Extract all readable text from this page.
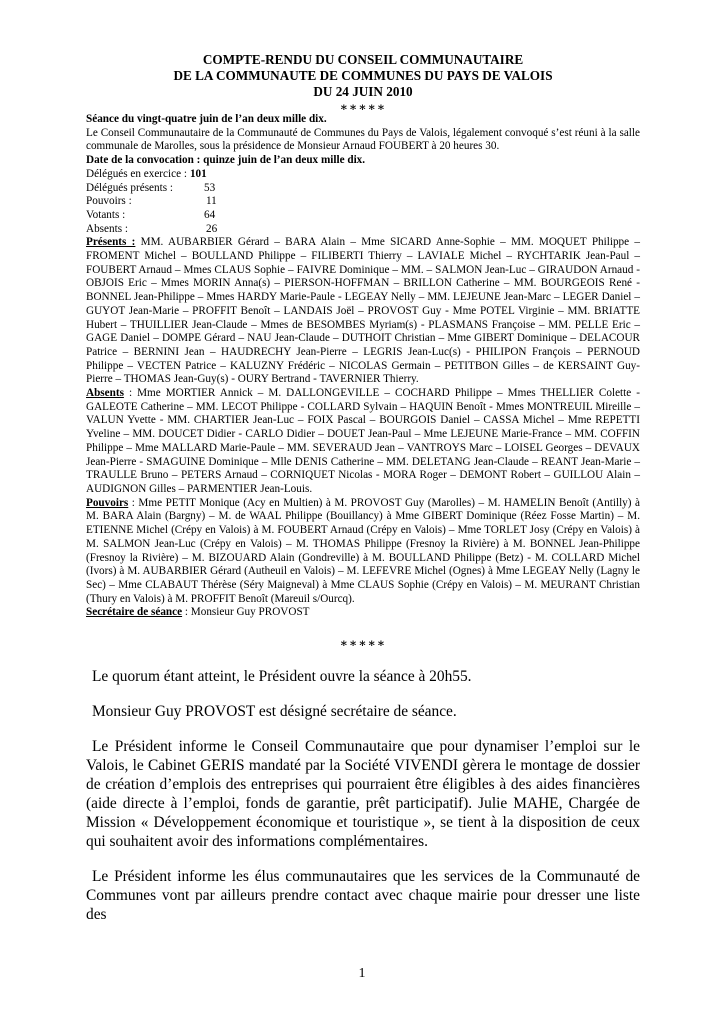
COMPTE-RENDU DU CONSEIL COMMUNAUTAIRE
DE LA COMMUNAUTE DE COMMUNES DU PAYS DE VALOIS
DU 24 JUIN 2010
∗∗∗∗∗
Séance du vingt-quatre juin de l’an deux mille dix.
Le Conseil Communautaire de la Communauté de Communes du Pays de Valois, légalement convoqué s’est réuni à la salle communale de Marolles, sous la présidence de Monsieur Arnaud FOUBERT à 20 heures 30.
Date de la convocation : quinze juin de l’an deux mille dix.
Délégués en exercice : 101
Délégués présents :	53
Pouvoirs :	11
Votants :	64
Absents :	26
Présents : MM. AUBARBIER Gérard – BARA Alain – Mme SICARD Anne-Sophie – MM. MOQUET Philippe – FROMENT Michel – BOULLAND Philippe – FILIBERTI Thierry – LAVIALE Michel – RYCHTARIK Jean-Paul – FOUBERT Arnaud – Mmes CLAUS Sophie – FAIVRE Dominique – MM. – SALMON Jean-Luc – GIRAUDON Arnaud - OBJOIS Eric – Mmes MORIN Anna(s) – PIERSON-HOFFMAN – BRILLON Catherine – MM. BOURGEOIS René - BONNEL Jean-Philippe – Mmes HARDY Marie-Paule - LEGEAY Nelly – MM. LEJEUNE Jean-Marc – LEGER Daniel – GUYOT Jean-Marie – PROFFIT Benoît – LANDAIS Joël – PROVOST Guy - Mme POTEL Virginie – MM. BRIATTE Hubert – THUILLIER Jean-Claude – Mmes de BESOMBES Myriam(s) - PLASMANS Françoise – MM. PELLE Eric – GAGE Daniel – DOMPE Gérard – NAU Jean-Claude – DUTHOIT Christian – Mme GIBERT Dominique – DELACOUR Patrice – BERNINI Jean – HAUDRECHY Jean-Pierre – LEGRIS Jean-Luc(s) - PHILIPON François – PERNOUD Philippe – VECTEN Patrice – KALUZNY Frédéric – NICOLAS Germain – PETITBON Gilles – de KERSAINT Guy-Pierre – THOMAS Jean-Guy(s) - OURY Bertrand - TAVERNIER Thierry.
Absents : Mme MORTIER Annick – M. DALLONGEVILLE – COCHARD Philippe – Mmes THELLIER Colette - GALEOTE Catherine – MM. LECOT Philippe - COLLARD Sylvain – HAQUIN Benoît - Mmes MONTREUIL Mireille – VALUN Yvette - MM. CHARTIER Jean-Luc – FOIX Pascal – BOURGOIS Daniel – CASSA Michel – Mme REPETTI Yveline – MM. DOUCET Didier - CARLO Didier – DOUET Jean-Paul – Mme LEJEUNE Marie-France – MM. COFFIN Philippe – Mme MALLARD Marie-Paule – MM. SEVERAUD Jean – VANTROYS Marc – LOISEL Georges – DEVAUX Jean-Pierre - SMAGUINE Dominique – Mlle DENIS Catherine – MM. DELETANG Jean-Claude – REANT Jean-Marie – TRAULLE Bruno – PETERS Arnaud – CORNIQUET Nicolas - MORA Roger – DEMONT Robert – GUILLOU Alain – AUDIGNON Gilles – PARMENTIER Jean-Louis.
Pouvoirs : Mme PETIT Monique (Acy en Multien) à M. PROVOST Guy (Marolles) – M. HAMELIN Benoît (Antilly) à M. BARA Alain (Bargny) – M. de WAAL Philippe (Bouillancy) à Mme GIBERT Dominique (Réez Fosse Martin) – M. ETIENNE Michel (Crépy en Valois) à M. FOUBERT Arnaud (Crépy en Valois) – Mme TORLET Josy (Crépy en Valois) à M. SALMON Jean-Luc (Crépy en Valois) – M. THOMAS Philippe (Fresnoy la Rivière) à M. BONNEL Jean-Philippe (Fresnoy la Rivière) – M. BIZOUARD Alain (Gondreville) à M. BOULLAND Philippe (Betz) - M. COLLARD Michel (Ivors) à M. AUBARBIER Gérard (Autheuil en Valois) – M. LEFEVRE Michel (Ognes) à Mme LEGEAY Nelly (Lagny le Sec) – Mme CLABAUT Thérèse (Séry Maigneval) à Mme CLAUS Sophie (Crépy en Valois) – M. MEURANT Christian (Thury en Valois) à M. PROFFIT Benoît (Mareuil s/Ourcq).
Secrétaire de séance : Monsieur Guy PROVOST
∗∗∗∗∗

Le quorum étant atteint, le Président ouvre la séance à 20h55.

Monsieur Guy PROVOST est désigné secrétaire de séance.

Le Président informe le Conseil Communautaire que pour dynamiser l’emploi sur le Valois, le Cabinet GERIS mandaté par la Société VIVENDI gèrera le montage de dossier de création d’emplois des entreprises qui pourraient être éligibles à des aides financières (aide directe à l’emploi, fonds de garantie, prêt participatif). Julie MAHE, Chargée de Mission « Développement économique et touristique », se tient à la disposition de ceux qui souhaitent avoir des informations complémentaires.

Le Président informe les élus communautaires que les services de la Communauté de Communes vont par ailleurs prendre contact avec chaque mairie pour dresser une liste des

1
